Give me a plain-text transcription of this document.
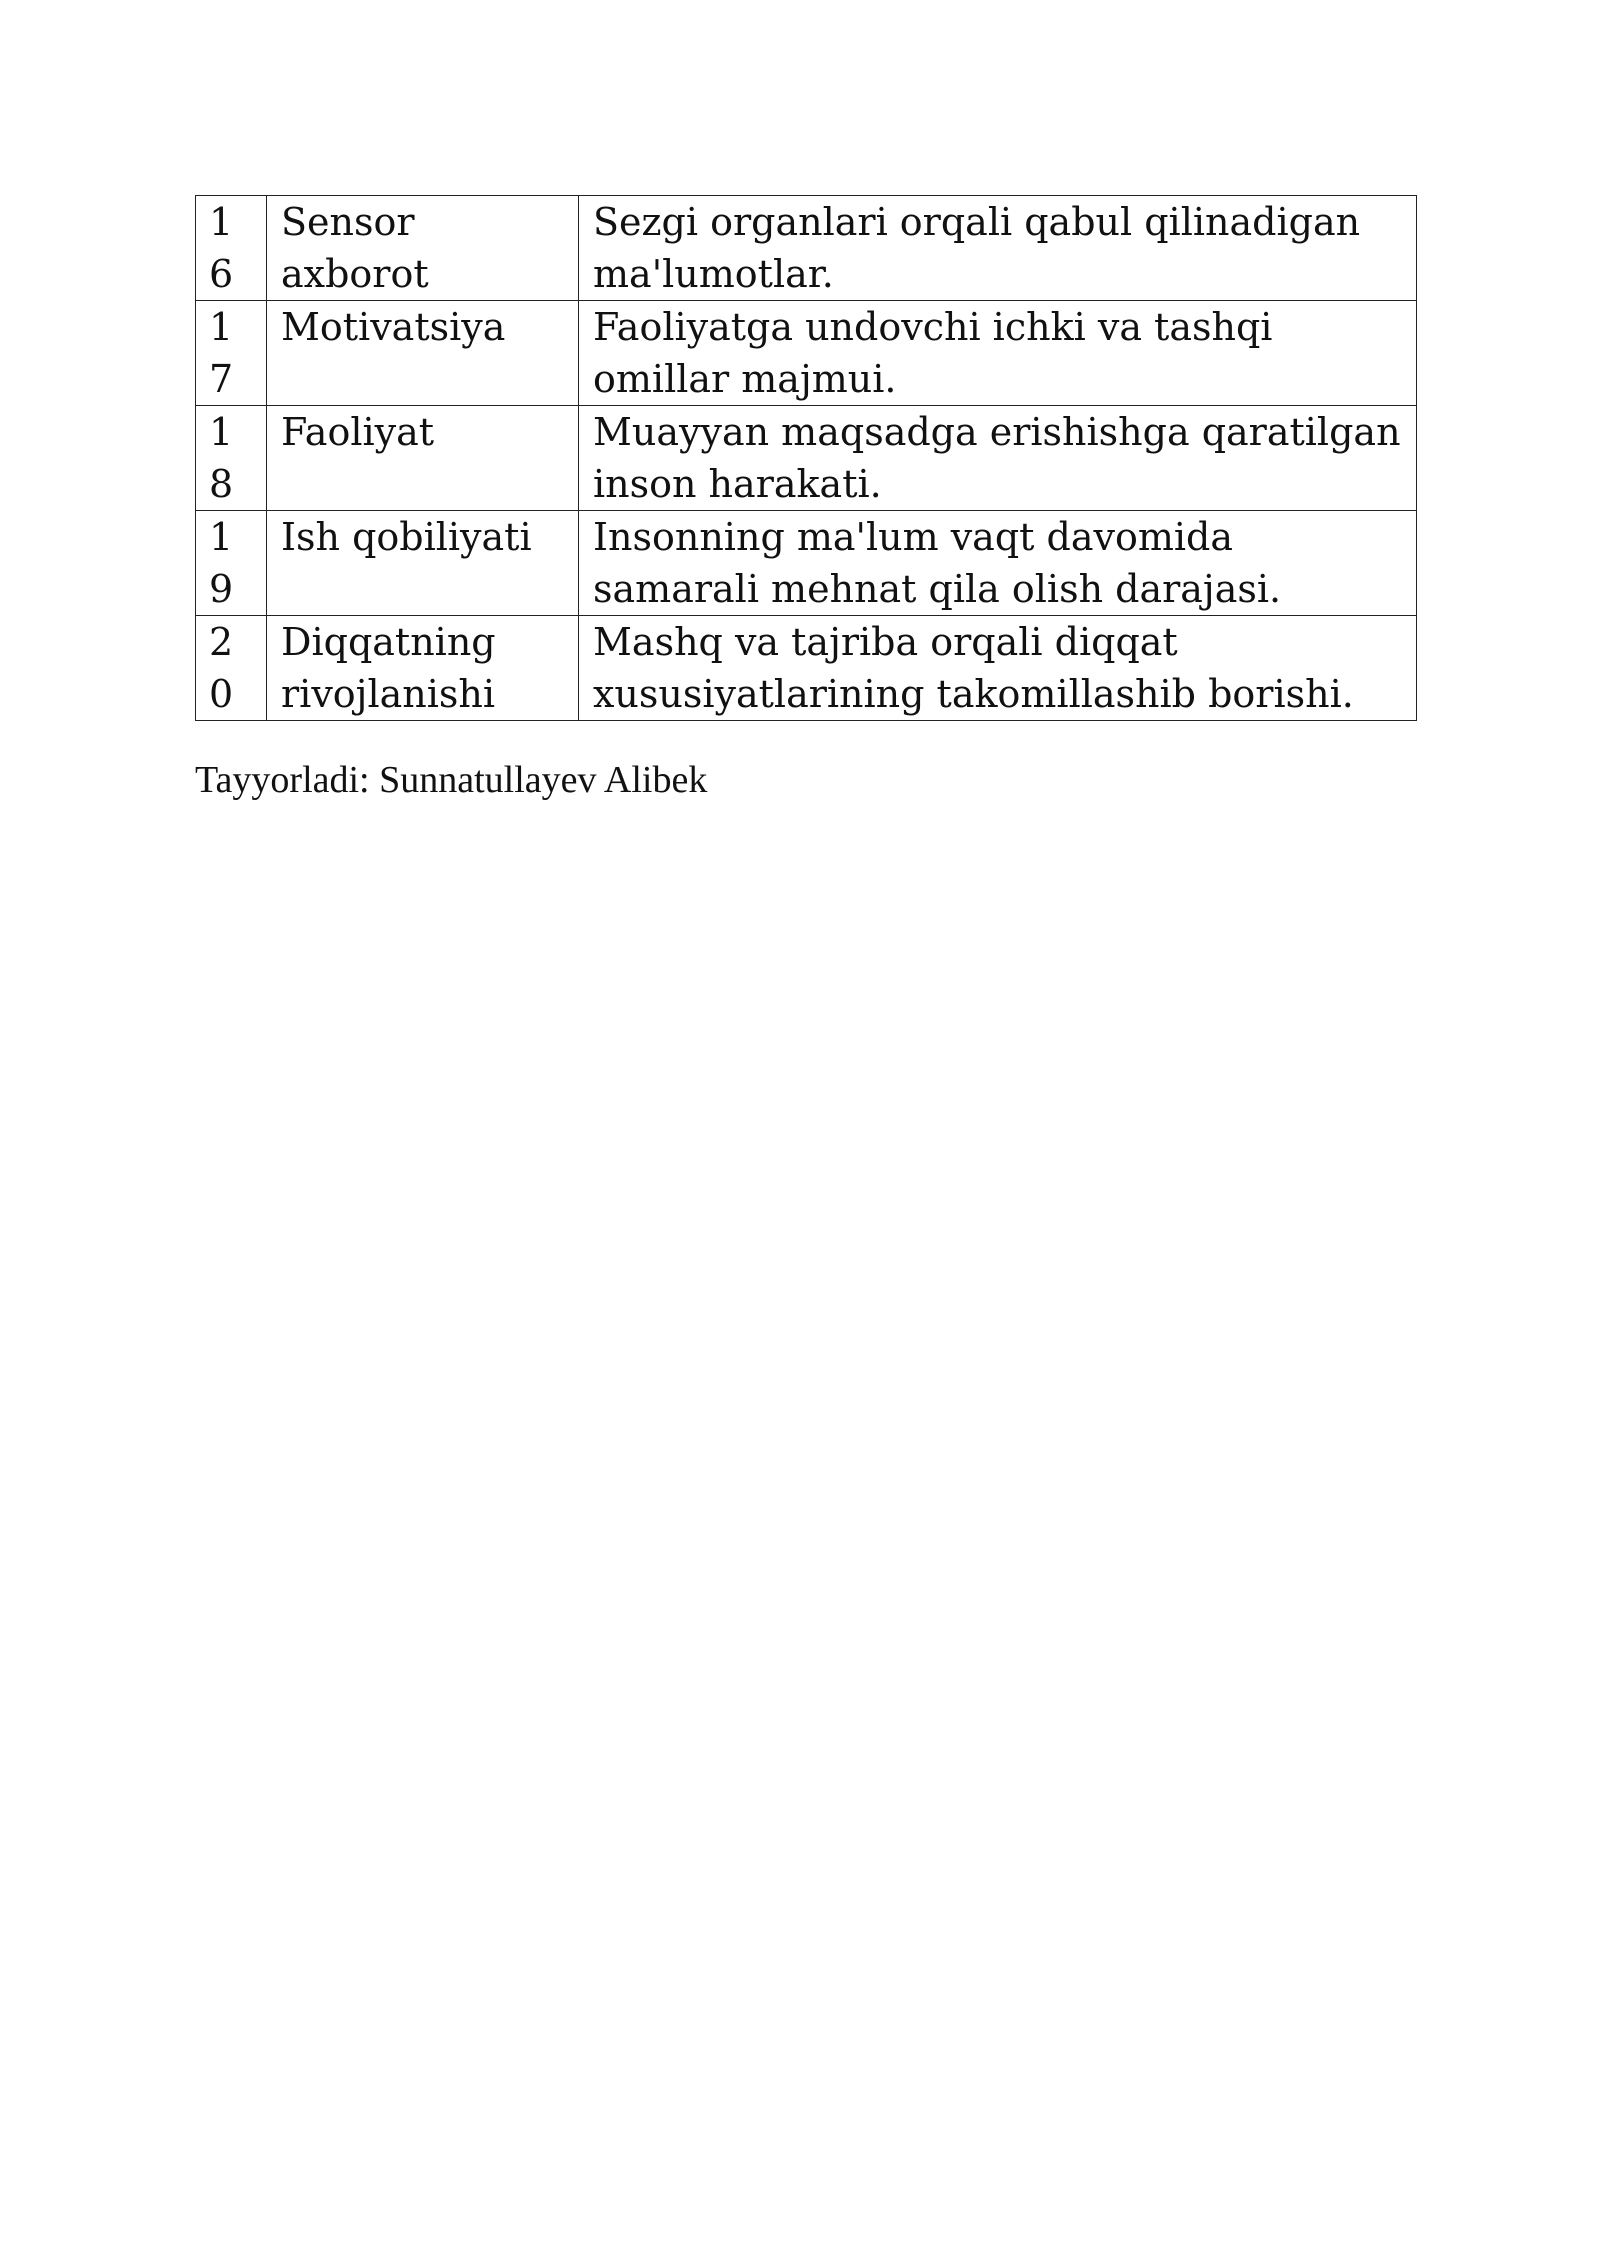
16	Sensor axborot	Sezgi organlari orqali qabul qilinadigan ma'lumotlar.
17	Motivatsiya	Faoliyatga undovchi ichki va tashqi omillar majmui.
18	Faoliyat	Muayyan maqsadga erishishga qaratilgan inson harakati.
19	Ish qobiliyati	Insonning ma'lum vaqt davomida samarali mehnat qila olish darajasi.
20	Diqqatning rivojlanishi	Mashq va tajriba orqali diqqat xususiyatlarining takomillashib borishi.
Tayyorladi: Sunnatullayev Alibek
